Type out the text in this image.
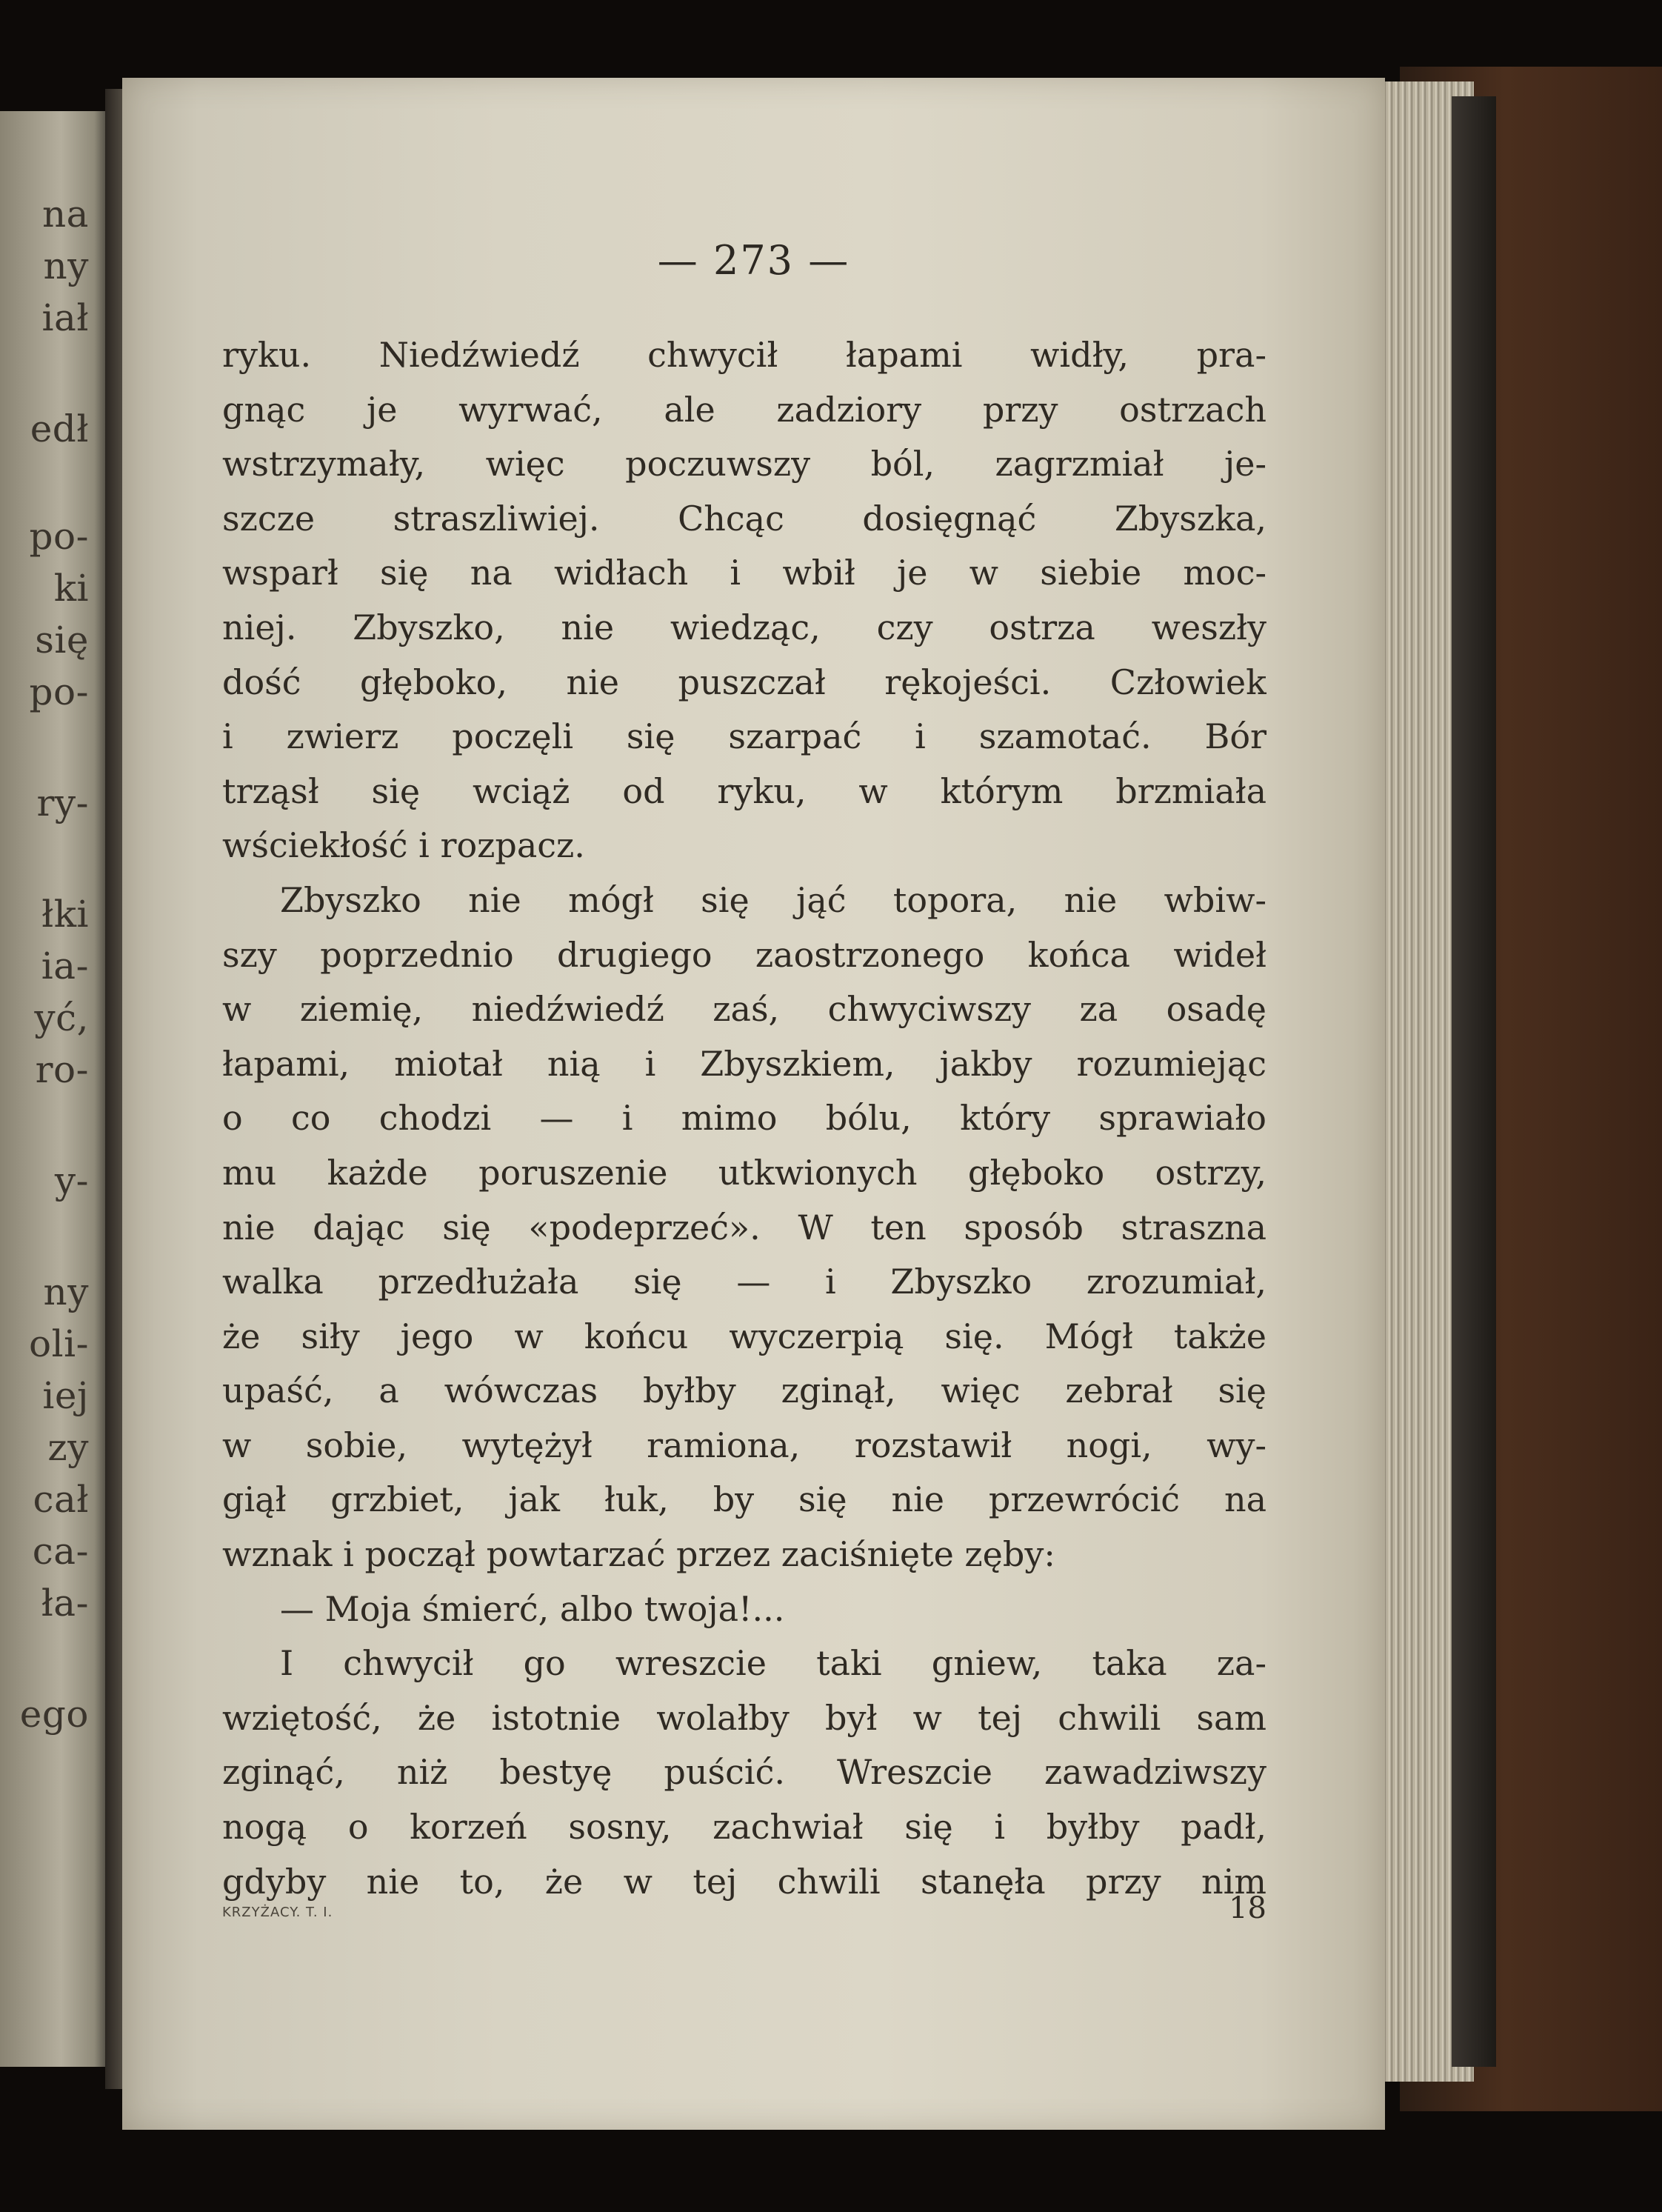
na
ny
iał
edł
po-
ki
się
po-
ry-
łki
ia-
yć,
ro-
y-
ny
oli-
iej
zy
cał
ca-
ła-
ego
— 273 —
ryku. Niedźwiedź chwycił łapami widły, pra-
gnąc je wyrwać, ale zadziory przy ostrzach
wstrzymały, więc poczuwszy ból, zagrzmiał je-
szcze straszliwiej. Chcąc dosięgnąć Zbyszka,
wsparł się na widłach i wbił je w siebie moc-
niej. Zbyszko, nie wiedząc, czy ostrza weszły
dość głęboko, nie puszczał rękojeści. Człowiek
i zwierz poczęli się szarpać i szamotać. Bór
trząsł się wciąż od ryku, w którym brzmiała
wściekłość i rozpacz.
Zbyszko nie mógł się jąć topora, nie wbiw-
szy poprzednio drugiego zaostrzonego końca wideł
w ziemię, niedźwiedź zaś, chwyciwszy za osadę
łapami, miotał nią i Zbyszkiem, jakby rozumiejąc
o co chodzi — i mimo bólu, który sprawiało
mu każde poruszenie utkwionych głęboko ostrzy,
nie dając się «podeprzeć». W ten sposób straszna
walka przedłużała się — i Zbyszko zrozumiał,
że siły jego w końcu wyczerpią się. Mógł także
upaść, a wówczas byłby zginął, więc zebrał się
w sobie, wytężył ramiona, rozstawił nogi, wy-
giął grzbiet, jak łuk, by się nie przewrócić na
wznak i począł powtarzać przez zaciśnięte zęby:
— Moja śmierć, albo twoja!...
I chwycił go wreszcie taki gniew, taka za-
wziętość, że istotnie wolałby był w tej chwili sam
zginąć, niż bestyę puścić. Wreszcie zawadziwszy
nogą o korzeń sosny, zachwiał się i byłby padł,
gdyby nie to, że w tej chwili stanęła przy nim
KRZYŻACY. T. I.	18
